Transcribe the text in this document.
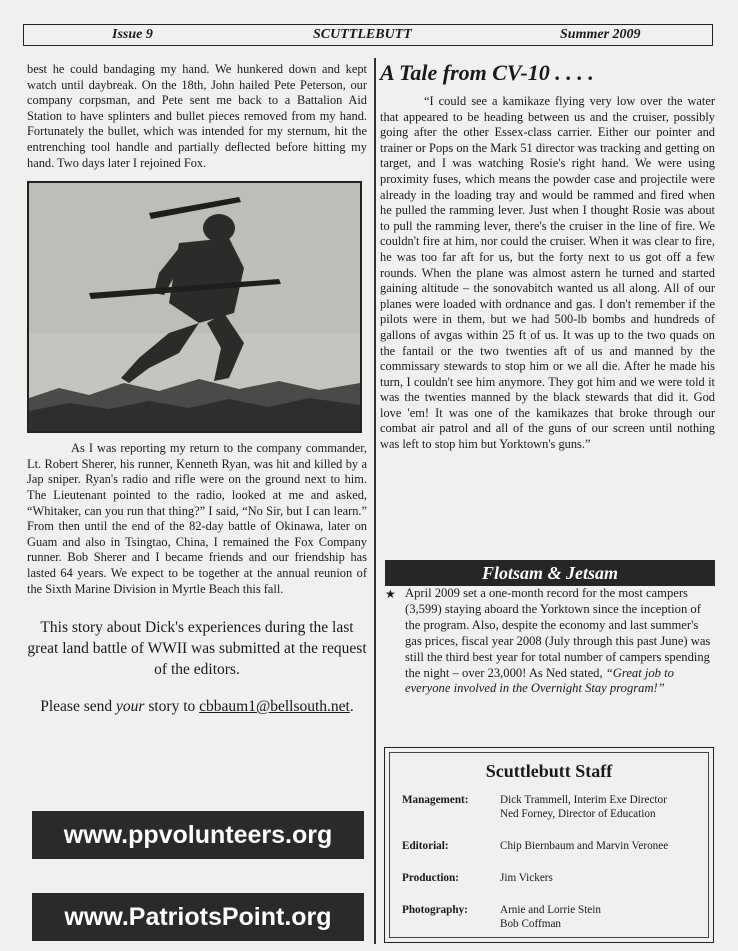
Issue 9	SCUTTLEBUTT	Summer 2009

best he could bandaging my hand. We hunkered down and kept watch until daybreak. On the 18th, John hailed Pete Peterson, our company corpsman, and Pete sent me back to a Battalion Aid Station to have splinters and bullet pieces removed from my hand. Fortunately the bullet, which was intended for my sternum, hit the entrenching tool handle and partially deflected before hitting my hand. Two days later I rejoined Fox.

As I was reporting my return to the company commander, Lt. Robert Sherer, his runner, Kenneth Ryan, was hit and killed by a Jap sniper. Ryan's radio and rifle were on the ground next to him. The Lieutenant pointed to the radio, looked at me and asked, “Whitaker, can you run that thing?” I said, “No Sir, but I can learn.” From then until the end of the 82-day battle of Okinawa, later on Guam and also in Tsingtao, China, I remained the Fox Company runner. Bob Sherer and I became friends and our friendship has lasted 64 years. We expect to be together at the annual reunion of the Sixth Marine Division in Myrtle Beach this fall.

This story about Dick's experiences during the last great land battle of WWII was submitted at the request of the editors.
Please send your story to cbbaum1@bellsouth.net.
www.ppvolunteers.org
www.PatriotsPoint.org
A Tale from CV-10 . . . .

“I could see a kamikaze flying very low over the water that appeared to be heading between us and the cruiser, possibly going after the other Essex-class carrier. Either our pointer and trainer or Pops on the Mark 51 director was tracking and getting on target, and I was watching Rosie's right hand. We were using proximity fuses, which means the powder case and projectile were already in the loading tray and would be rammed and fired when he pulled the ramming lever. Just when I thought Rosie was about to pull the ramming lever, there's the cruiser in the line of fire. We couldn't fire at him, nor could the cruiser. When it was clear to fire, he was too far aft for us, but the forty next to us got off a few rounds. When the plane was almost astern he turned and started gaining altitude – the sonovabitch wanted us all along. All of our planes were loaded with ordnance and gas. I don't remember if the pilots were in them, but we had 500-lb bombs and hundreds of gallons of avgas within 25 ft of us. It was up to the two quads on the fantail or the two twenties aft of us and manned by the commissary stewards to stop him or we all die. After he made his turn, I couldn't see him anymore. They got him and we were told it was the twenties manned by the black stewards that did it. God love 'em! It was one of the kamikazes that broke through our combat air patrol and all of the guns of our screen until nothing was left to stop him but Yorktown's guns.”

Flotsam & Jetsam
★ April 2009 set a one-month record for the most campers (3,599) staying aboard the Yorktown since the inception of the program. Also, despite the economy and last summer's gas prices, fiscal year 2008 (July through this past June) was still the third best year for total number of campers spending the night – over 23,000! As Ned stated, “Great job to everyone involved in the Overnight Stay program!”

Scuttlebutt Staff
Management:	Dick Trammell, Interim Exe Director
Ned Forney, Director of Education
Editorial:	Chip Biernbaum and Marvin Veronee
Production:	Jim Vickers
Photography:	Arnie and Lorrie Stein
Bob Coffman
